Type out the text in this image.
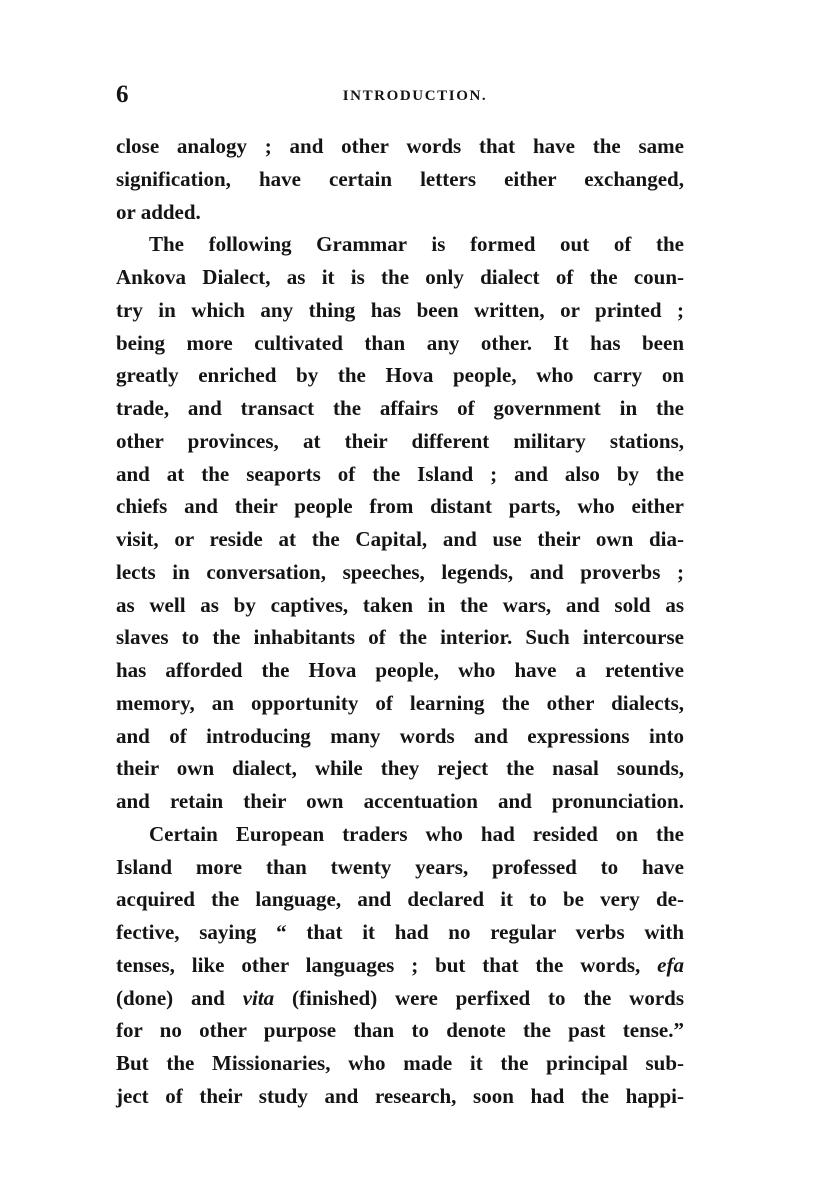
6	INTRODUCTION.
close analogy ; and other words that have the same
signification, have certain letters either exchanged,
or added.
The following Grammar is formed out of the
Ankova Dialect, as it is the only dialect of the coun-
try in which any thing has been written, or printed ;
being more cultivated than any other. It has been
greatly enriched by the Hova people, who carry on
trade, and transact the affairs of government in the
other provinces, at their different military stations,
and at the seaports of the Island ; and also by the
chiefs and their people from distant parts, who either
visit, or reside at the Capital, and use their own dia-
lects in conversation, speeches, legends, and proverbs ;
as well as by captives, taken in the wars, and sold as
slaves to the inhabitants of the interior. Such intercourse
has afforded the Hova people, who have a retentive
memory, an opportunity of learning the other dialects,
and of introducing many words and expressions into
their own dialect, while they reject the nasal sounds,
and retain their own accentuation and pronunciation.
Certain European traders who had resided on the
Island more than twenty years, professed to have
acquired the language, and declared it to be very de-
fective, saying “ that it had no regular verbs with
tenses, like other languages ; but that the words, efa
(done) and vita (finished) were perfixed to the words
for no other purpose than to denote the past tense.”
But the Missionaries, who made it the principal sub-
ject of their study and research, soon had the happi-
